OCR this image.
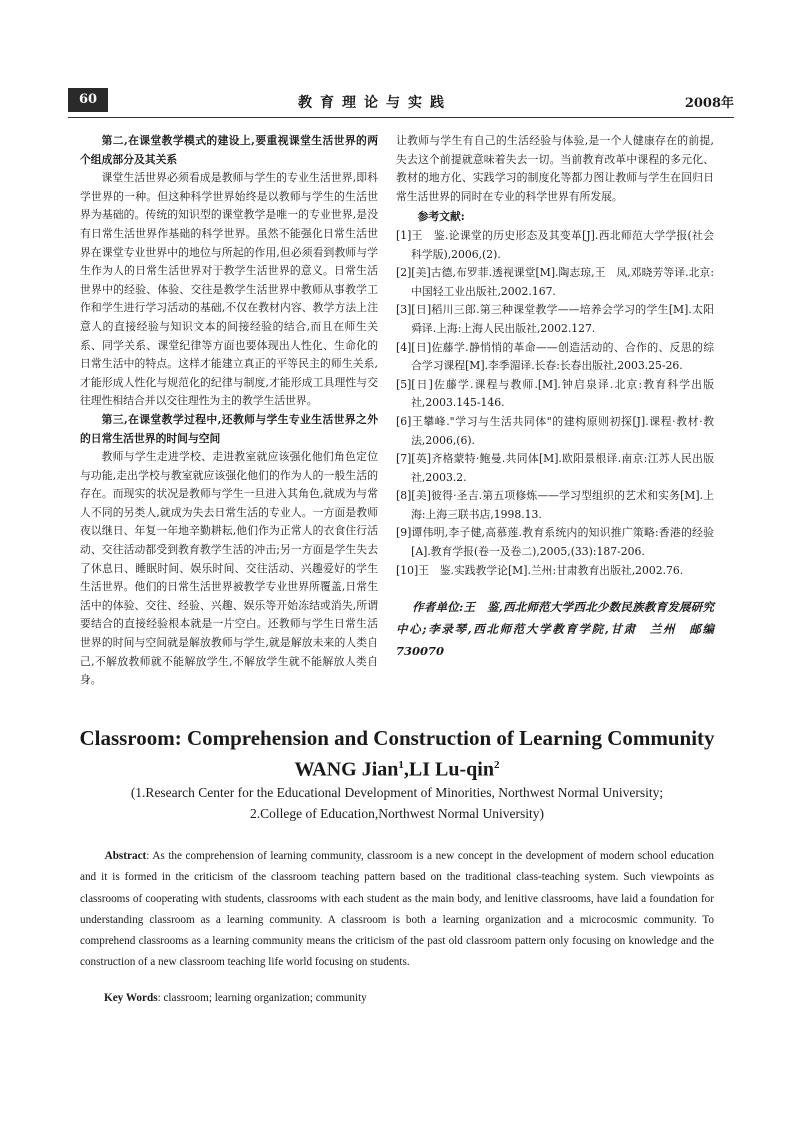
60	教育理论与实践	2008年

第二,在课堂教学模式的建设上,要重视课堂生活世界的两个组成部分及其关系

课堂生活世界必须看成是教师与学生的专业生活世界,即科学世界的一种。但这种科学世界始终是以教师与学生的生活世界为基础的。传统的知识型的课堂教学是唯一的专业世界,是没有日常生活世界作基础的科学世界。虽然不能强化日常生活世界在课堂专业世界中的地位与所起的作用,但必须看到教师与学生作为人的日常生活世界对于教学生活世界的意义。日常生活世界中的经验、体验、交往是教学生活世界中教师从事教学工作和学生进行学习活动的基础,不仅在教材内容、教学方法上注意人的直接经验与知识文本的间接经验的结合,而且在师生关系、同学关系、课堂纪律等方面也要体现出人性化、生命化的日常生活中的特点。这样才能建立真正的平等民主的师生关系,才能形成人性化与规范化的纪律与制度,才能形成工具理性与交往理性相结合并以交往理性为主的教学生活世界。

第三,在课堂教学过程中,还教师与学生专业生活世界之外的日常生活世界的时间与空间

教师与学生走进学校、走进教室就应该强化他们角色定位与功能,走出学校与教室就应该强化他们的作为人的一般生活的存在。而现实的状况是教师与学生一旦进入其角色,就成为与常人不同的另类人,就成为失去日常生活的专业人。一方面是教师夜以继日、年复一年地辛勤耕耘,他们作为正常人的衣食住行活动、交往活动都受到教育教学生活的冲击;另一方面是学生失去了休息日、睡眠时间、娱乐时间、交往活动、兴趣爱好的学生生活世界。他们的日常生活世界被教学专业世界所覆盖,日常生活中的体验、交往、经验、兴趣、娱乐等开始冻结或消失,所谓要结合的直接经验根本就是一片空白。还教师与学生日常生活世界的时间与空间就是解放教师与学生,就是解放未来的人类自己,不解放教师就不能解放学生,不解放学生就不能解放人类自身。

让教师与学生有自己的生活经验与体验,是一个人健康存在的前提,失去这个前提就意味着失去一切。当前教育改革中课程的多元化、教材的地方化、实践学习的制度化等都力图让教师与学生在回归日常生活世界的同时在专业的科学世界有所发展。

参考文献:

[1]王　鉴.论课堂的历史形态及其变革[J].西北师范大学学报(社会科学版),2006,(2).

[2][美]古德,布罗菲.透视课堂[M].陶志琼,王　凤,邓晓芳等译.北京:中国轻工业出版社,2002.167.

[3][日]稻川三郎.第三种课堂教学——培养会学习的学生[M].太阳舜译.上海:上海人民出版社,2002.127.

[4][日]佐藤学.静悄悄的革命——创造活动的、合作的、反思的综合学习课程[M].李季湄译.长春:长春出版社,2003.25-26.

[5][日]佐藤学.课程与教师.[M].钟启泉译.北京:教育科学出版社,2003.145-146.

[6]王攀峰."学习与生活共同体"的建构原则初探[J].课程·教材·教法,2006,(6).

[7][英]齐格蒙特·鲍曼.共同体[M].欧阳景根译.南京:江苏人民出版社,2003.2.

[8][美]彼得·圣吉.第五项修炼——学习型组织的艺术和实务[M].上海:上海三联书店,1998.13.

[9]谭伟明,李子健,高慕莲.教育系统内的知识推广策略:香港的经验[A].教育学报(卷一及卷二),2005,(33):187-206.

[10]王　鉴.实践教学论[M].兰州:甘肃教育出版社,2002.76.

作者单位:王　鉴,西北师范大学西北少数民族教育发展研究中心;李录琴,西北师范大学教育学院,甘肃　兰州　邮编　730070

Classroom: Comprehension and Construction of Learning Community
WANG Jian$^1$,LI Lu-qin$^2$
(1.Research Center for the Educational Development of Minorities, Northwest Normal University;
2.College of Education,Northwest Normal University)

Abstract: As the comprehension of learning community, classroom is a new concept in the development of modern school education and it is formed in the criticism of the classroom teaching pattern based on the traditional class-teaching system. Such viewpoints as classrooms of cooperating with students, classrooms with each student as the main body, and lenitive classrooms, have laid a foundation for understanding classroom as a learning community. A classroom is both a learning organization and a microcosmic community. To comprehend classrooms as a learning community means the criticism of the past old classroom pattern only focusing on knowledge and the construction of a new classroom teaching life world focusing on students.

Key Words: classroom; learning organization; community
